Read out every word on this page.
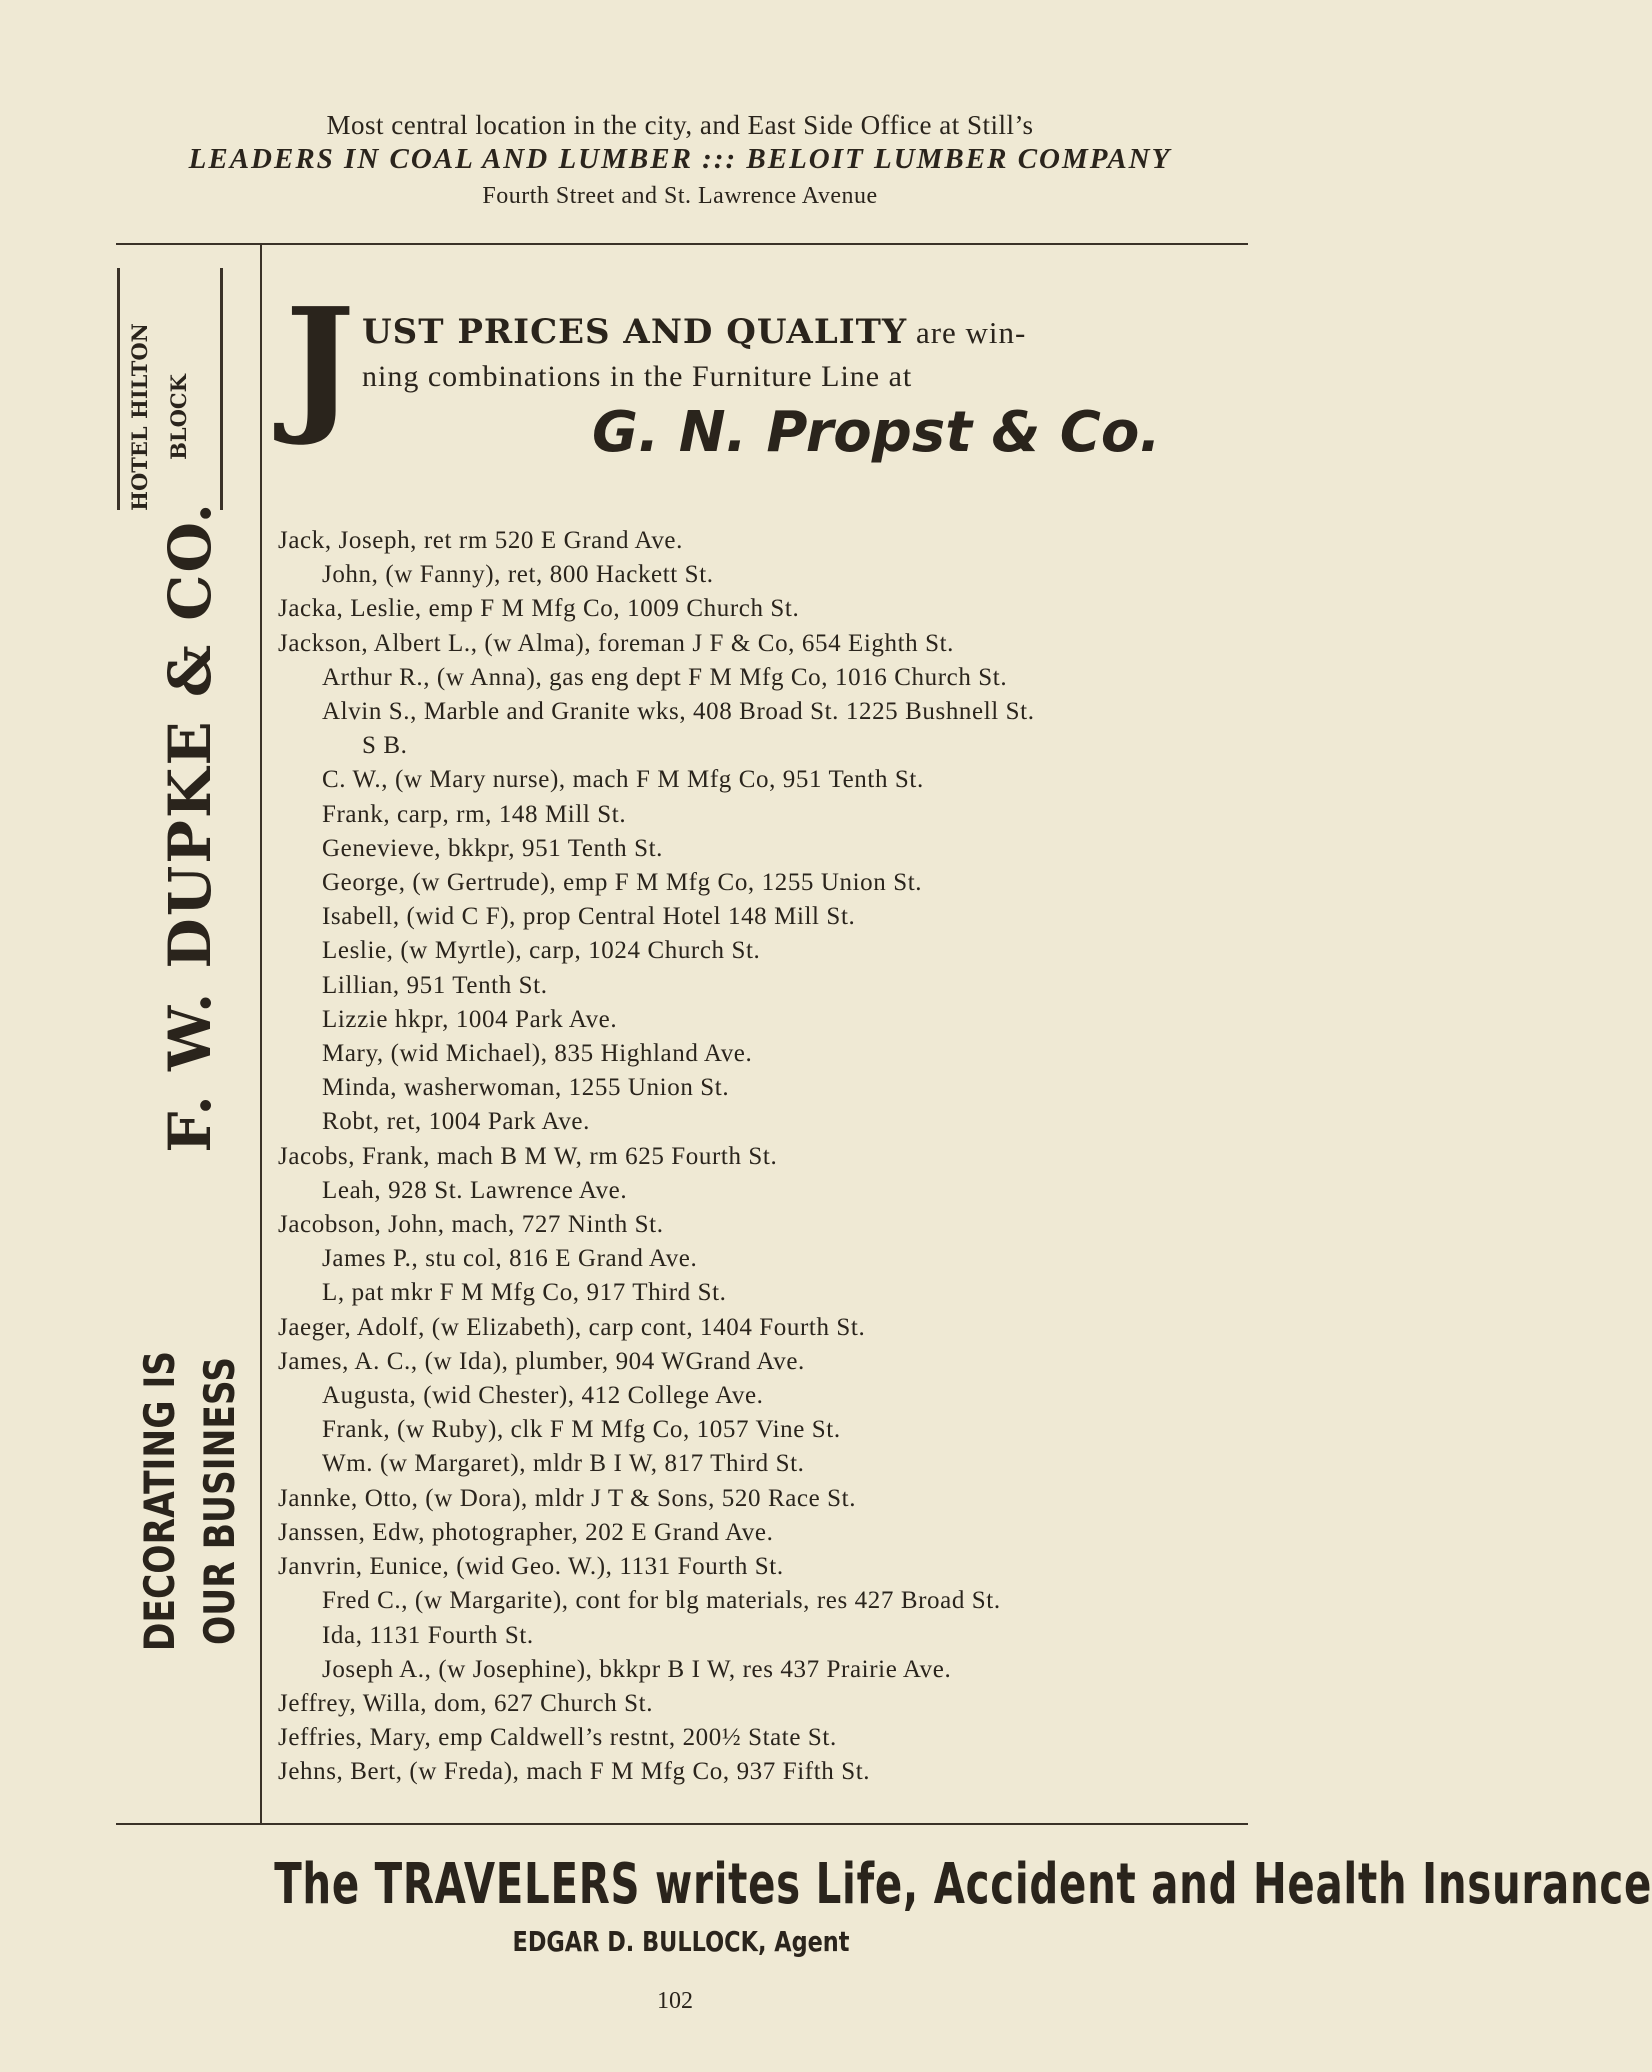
Most central location in the city, and East Side Office at Still’s
LEADERS IN COAL AND LUMBER ::: BELOIT LUMBER COMPANY
Fourth Street and St. Lawrence Avenue
HOTEL HILTON BLOCK
F. W. DUPKE & CO.
DECORATING IS OUR BUSINESS
J UST PRICES AND QUALITY are win-
ning combinations in the Furniture Line at
G. N. Propst & Co.
Jack, Joseph, ret rm 520 E Grand Ave.
John, (w Fanny), ret, 800 Hackett St.
Jacka, Leslie, emp F M Mfg Co, 1009 Church St.
Jackson, Albert L., (w Alma), foreman J F & Co, 654 Eighth St.
Arthur R., (w Anna), gas eng dept F M Mfg Co, 1016 Church St.
Alvin S., Marble and Granite wks, 408 Broad St. 1225 Bushnell St.
S B.
C. W., (w Mary nurse), mach F M Mfg Co, 951 Tenth St.
Frank, carp, rm, 148 Mill St.
Genevieve, bkkpr, 951 Tenth St.
George, (w Gertrude), emp F M Mfg Co, 1255 Union St.
Isabell, (wid C F), prop Central Hotel 148 Mill St.
Leslie, (w Myrtle), carp, 1024 Church St.
Lillian, 951 Tenth St.
Lizzie hkpr, 1004 Park Ave.
Mary, (wid Michael), 835 Highland Ave.
Minda, washerwoman, 1255 Union St.
Robt, ret, 1004 Park Ave.
Jacobs, Frank, mach B M W, rm 625 Fourth St.
Leah, 928 St. Lawrence Ave.
Jacobson, John, mach, 727 Ninth St.
James P., stu col, 816 E Grand Ave.
L, pat mkr F M Mfg Co, 917 Third St.
Jaeger, Adolf, (w Elizabeth), carp cont, 1404 Fourth St.
James, A. C., (w Ida), plumber, 904 WGrand Ave.
Augusta, (wid Chester), 412 College Ave.
Frank, (w Ruby), clk F M Mfg Co, 1057 Vine St.
Wm. (w Margaret), mldr B I W, 817 Third St.
Jannke, Otto, (w Dora), mldr J T & Sons, 520 Race St.
Janssen, Edw, photographer, 202 E Grand Ave.
Janvrin, Eunice, (wid Geo. W.), 1131 Fourth St.
Fred C., (w Margarite), cont for blg materials, res 427 Broad St.
Ida, 1131 Fourth St.
Joseph A., (w Josephine), bkkpr B I W, res 437 Prairie Ave.
Jeffrey, Willa, dom, 627 Church St.
Jeffries, Mary, emp Caldwell’s restnt, 200½ State St.
Jehns, Bert, (w Freda), mach F M Mfg Co, 937 Fifth St.
The TRAVELERS writes Life, Accident and Health Insurance
EDGAR D. BULLOCK, Agent
102
